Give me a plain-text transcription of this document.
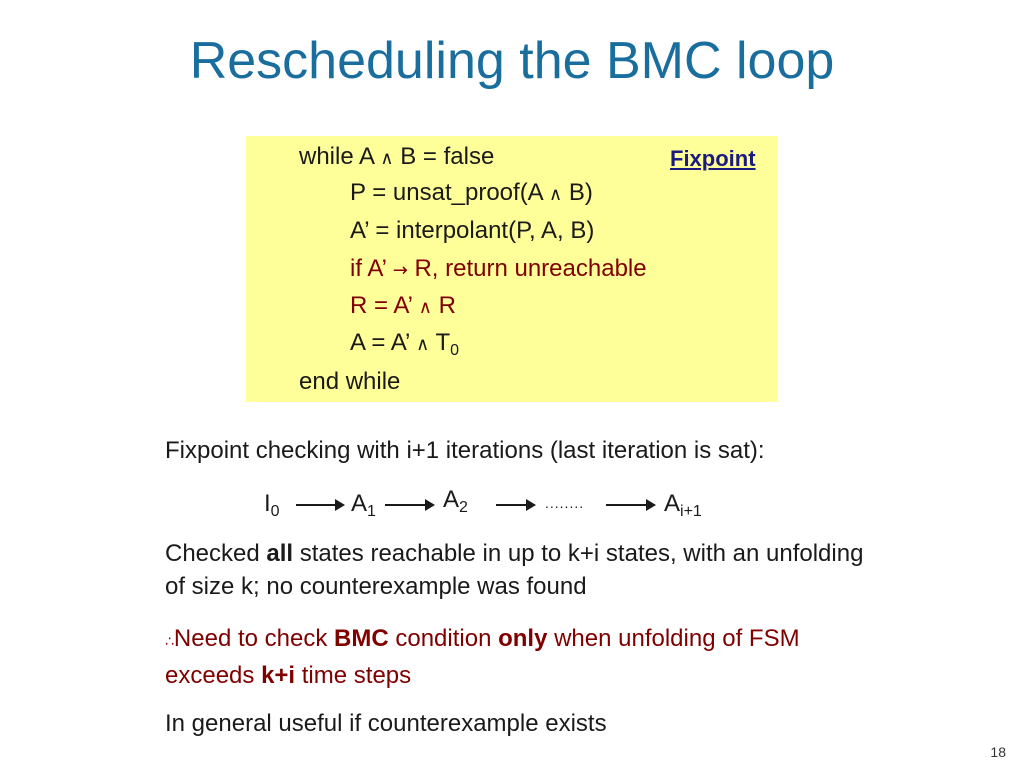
Rescheduling the BMC loop
Fixpoint
while A ∧ B = false
P = unsat_proof(A ∧ B)
A’ = interpolant(P, A, B)
if A’ → R, return unreachable
R = A’ ∧ R
A = A’ ∧ $T_0$
end while
Fixpoint checking with i+1 iterations (last iteration is sat):
$I_0$	$A_1$	$A_2$	........	$A_{i+1}$
Checked all states reachable in up to k+i states, with an unfolding of size k; no counterexample was found
∴Need to check BMC condition only when unfolding of FSM exceeds k+i time steps
In general useful if counterexample exists
18
